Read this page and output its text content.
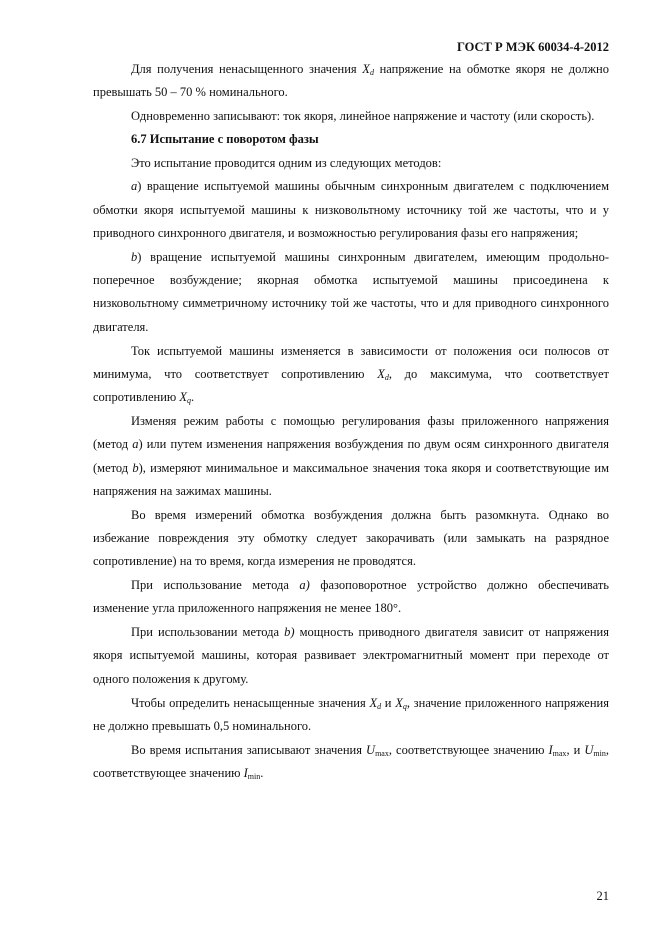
ГОСТ Р МЭК 60034-4-2012

Для получения ненасыщенного значения $X_d$ напряжение на обмотке якоря не должно превышать 50 – 70 % номинального.

Одновременно записывают: ток якоря, линейное напряжение и частоту (или скорость).

6.7 Испытание с поворотом фазы

Это испытание проводится одним из следующих методов:

а) вращение испытуемой машины обычным синхронным двигателем с подключением обмотки якоря испытуемой машины к низковольтному источнику той же частоты, что и у приводного синхронного двигателя, и возможностью регулирования фазы его напряжения;

b) вращение испытуемой машины синхронным двигателем, имеющим продольно-поперечное возбуждение; якорная обмотка испытуемой машины присоединена к низковольтному симметричному источнику той же частоты, что и для приводного синхронного двигателя.

Ток испытуемой машины изменяется в зависимости от положения оси полюсов от минимума, что соответствует сопротивлению $X_d$, до максимума, что соответствует сопротивлению $X_q$.

Изменяя режим работы с помощью регулирования фазы приложенного напряжения (метод а) или путем изменения напряжения возбуждения по двум осям синхронного двигателя (метод b), измеряют минимальное и максимальное значения тока якоря и соответствующие им напряжения на зажимах машины.

Во время измерений обмотка возбуждения должна быть разомкнута. Однако во избежание повреждения эту обмотку следует закорачивать (или замыкать на разрядное сопротивление) на то время, когда измерения не проводятся.

При использование метода а) фазоповоротное устройство должно обеспечивать изменение угла приложенного напряжения не менее 180°.

При использовании метода b) мощность приводного двигателя зависит от напряжения якоря испытуемой машины, которая развивает электромагнитный момент при переходе от одного положения к другому.

Чтобы определить ненасыщенные значения $X_d$ и $X_q$, значение приложенного напряжения не должно превышать 0,5 номинального.

Во время испытания записывают значения $U_{max}$, соответствующее значению $I_{max}$, и $U_{min}$, соответствующее значению $I_{min}$.

21
